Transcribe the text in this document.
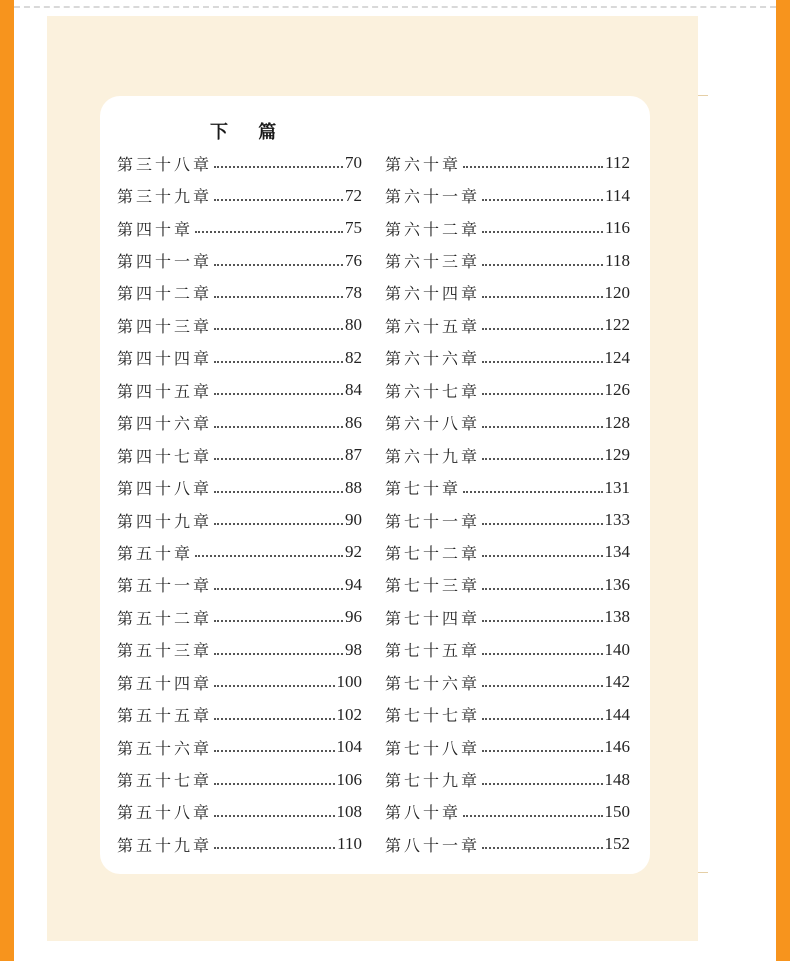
下 篇
第三十八章	70
第三十九章	72
第四十章	75
第四十一章	76
第四十二章	78
第四十三章	80
第四十四章	82
第四十五章	84
第四十六章	86
第四十七章	87
第四十八章	88
第四十九章	90
第五十章	92
第五十一章	94
第五十二章	96
第五十三章	98
第五十四章	100
第五十五章	102
第五十六章	104
第五十七章	106
第五十八章	108
第五十九章	110
第六十章	112
第六十一章	114
第六十二章	116
第六十三章	118
第六十四章	120
第六十五章	122
第六十六章	124
第六十七章	126
第六十八章	128
第六十九章	129
第七十章	131
第七十一章	133
第七十二章	134
第七十三章	136
第七十四章	138
第七十五章	140
第七十六章	142
第七十七章	144
第七十八章	146
第七十九章	148
第八十章	150
第八十一章	152
